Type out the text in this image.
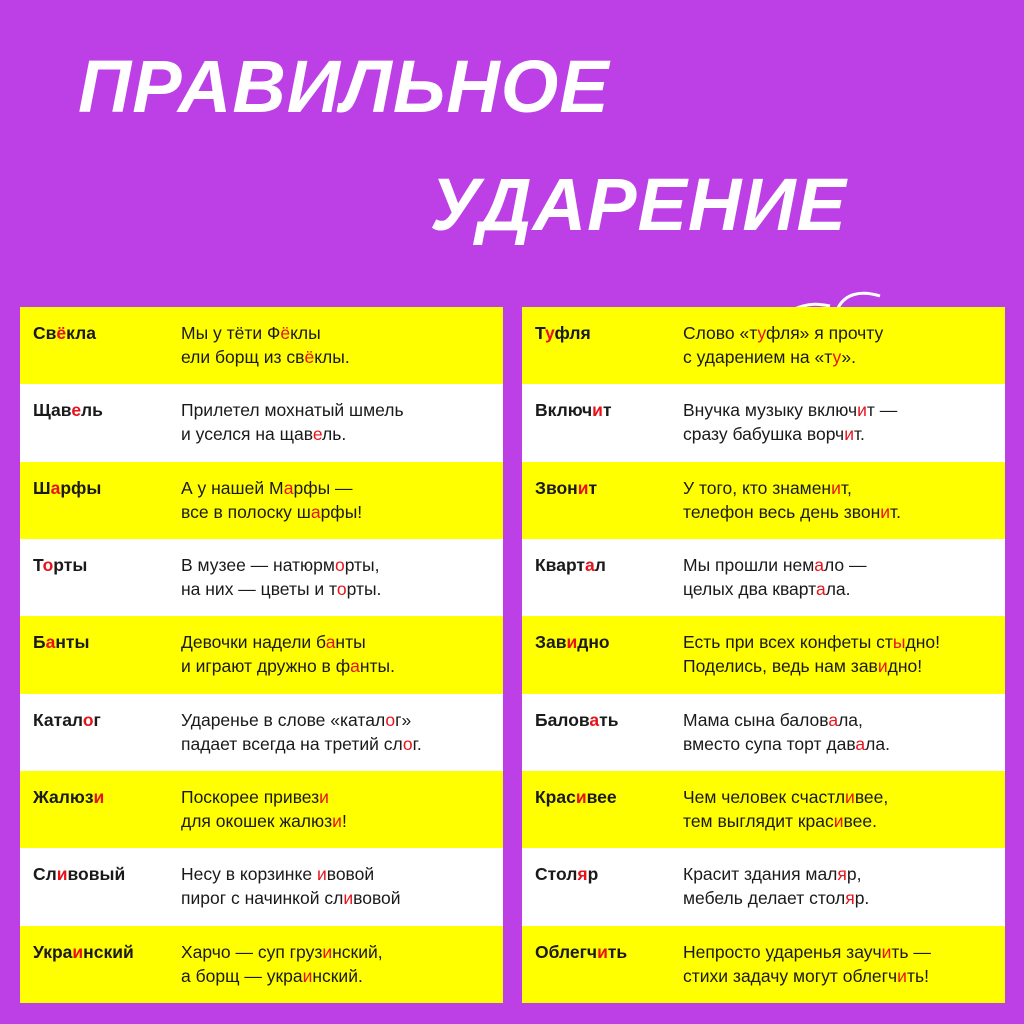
ПРАВИЛЬНОЕ
УДАРЕНИЕ
Свёкла	Мы у тёти Фёклы
ели борщ из свёклы.
Щавель	Прилетел мохнатый шмель
и уселся на щавель.
Шарфы	А у нашей Марфы —
все в полоску шарфы!
Торты	В музее — натюрморты,
на них — цветы и торты.
Банты	Девочки надели банты
и играют дружно в фанты.
Каталог	Ударенье в слове «каталог»
падает всегда на третий слог.
Жалюзи	Поскорее привези
для окошек жалюзи!
Сливовый	Несу в корзинке ивовой
пирог с начинкой сливовой
Украинский	Харчо — суп грузинский,
а борщ — украинский.
Туфля	Слово «туфля» я прочту
с ударением на «ту».
Включит	Внучка музыку включит —
сразу бабушка ворчит.
Звонит	У того, кто знаменит,
телефон весь день звонит.
Квартал	Мы прошли немало —
целых два квартала.
Завидно	Есть при всех конфеты стыдно!
Поделись, ведь нам завидно!
Баловать	Мама сына баловала,
вместо супа торт давала.
Красивее	Чем человек счастливее,
тем выглядит красивее.
Столяр	Красит здания маляр,
мебель делает столяр.
Облегчить	Непросто ударенья заучить —
стихи задачу могут облегчить!
